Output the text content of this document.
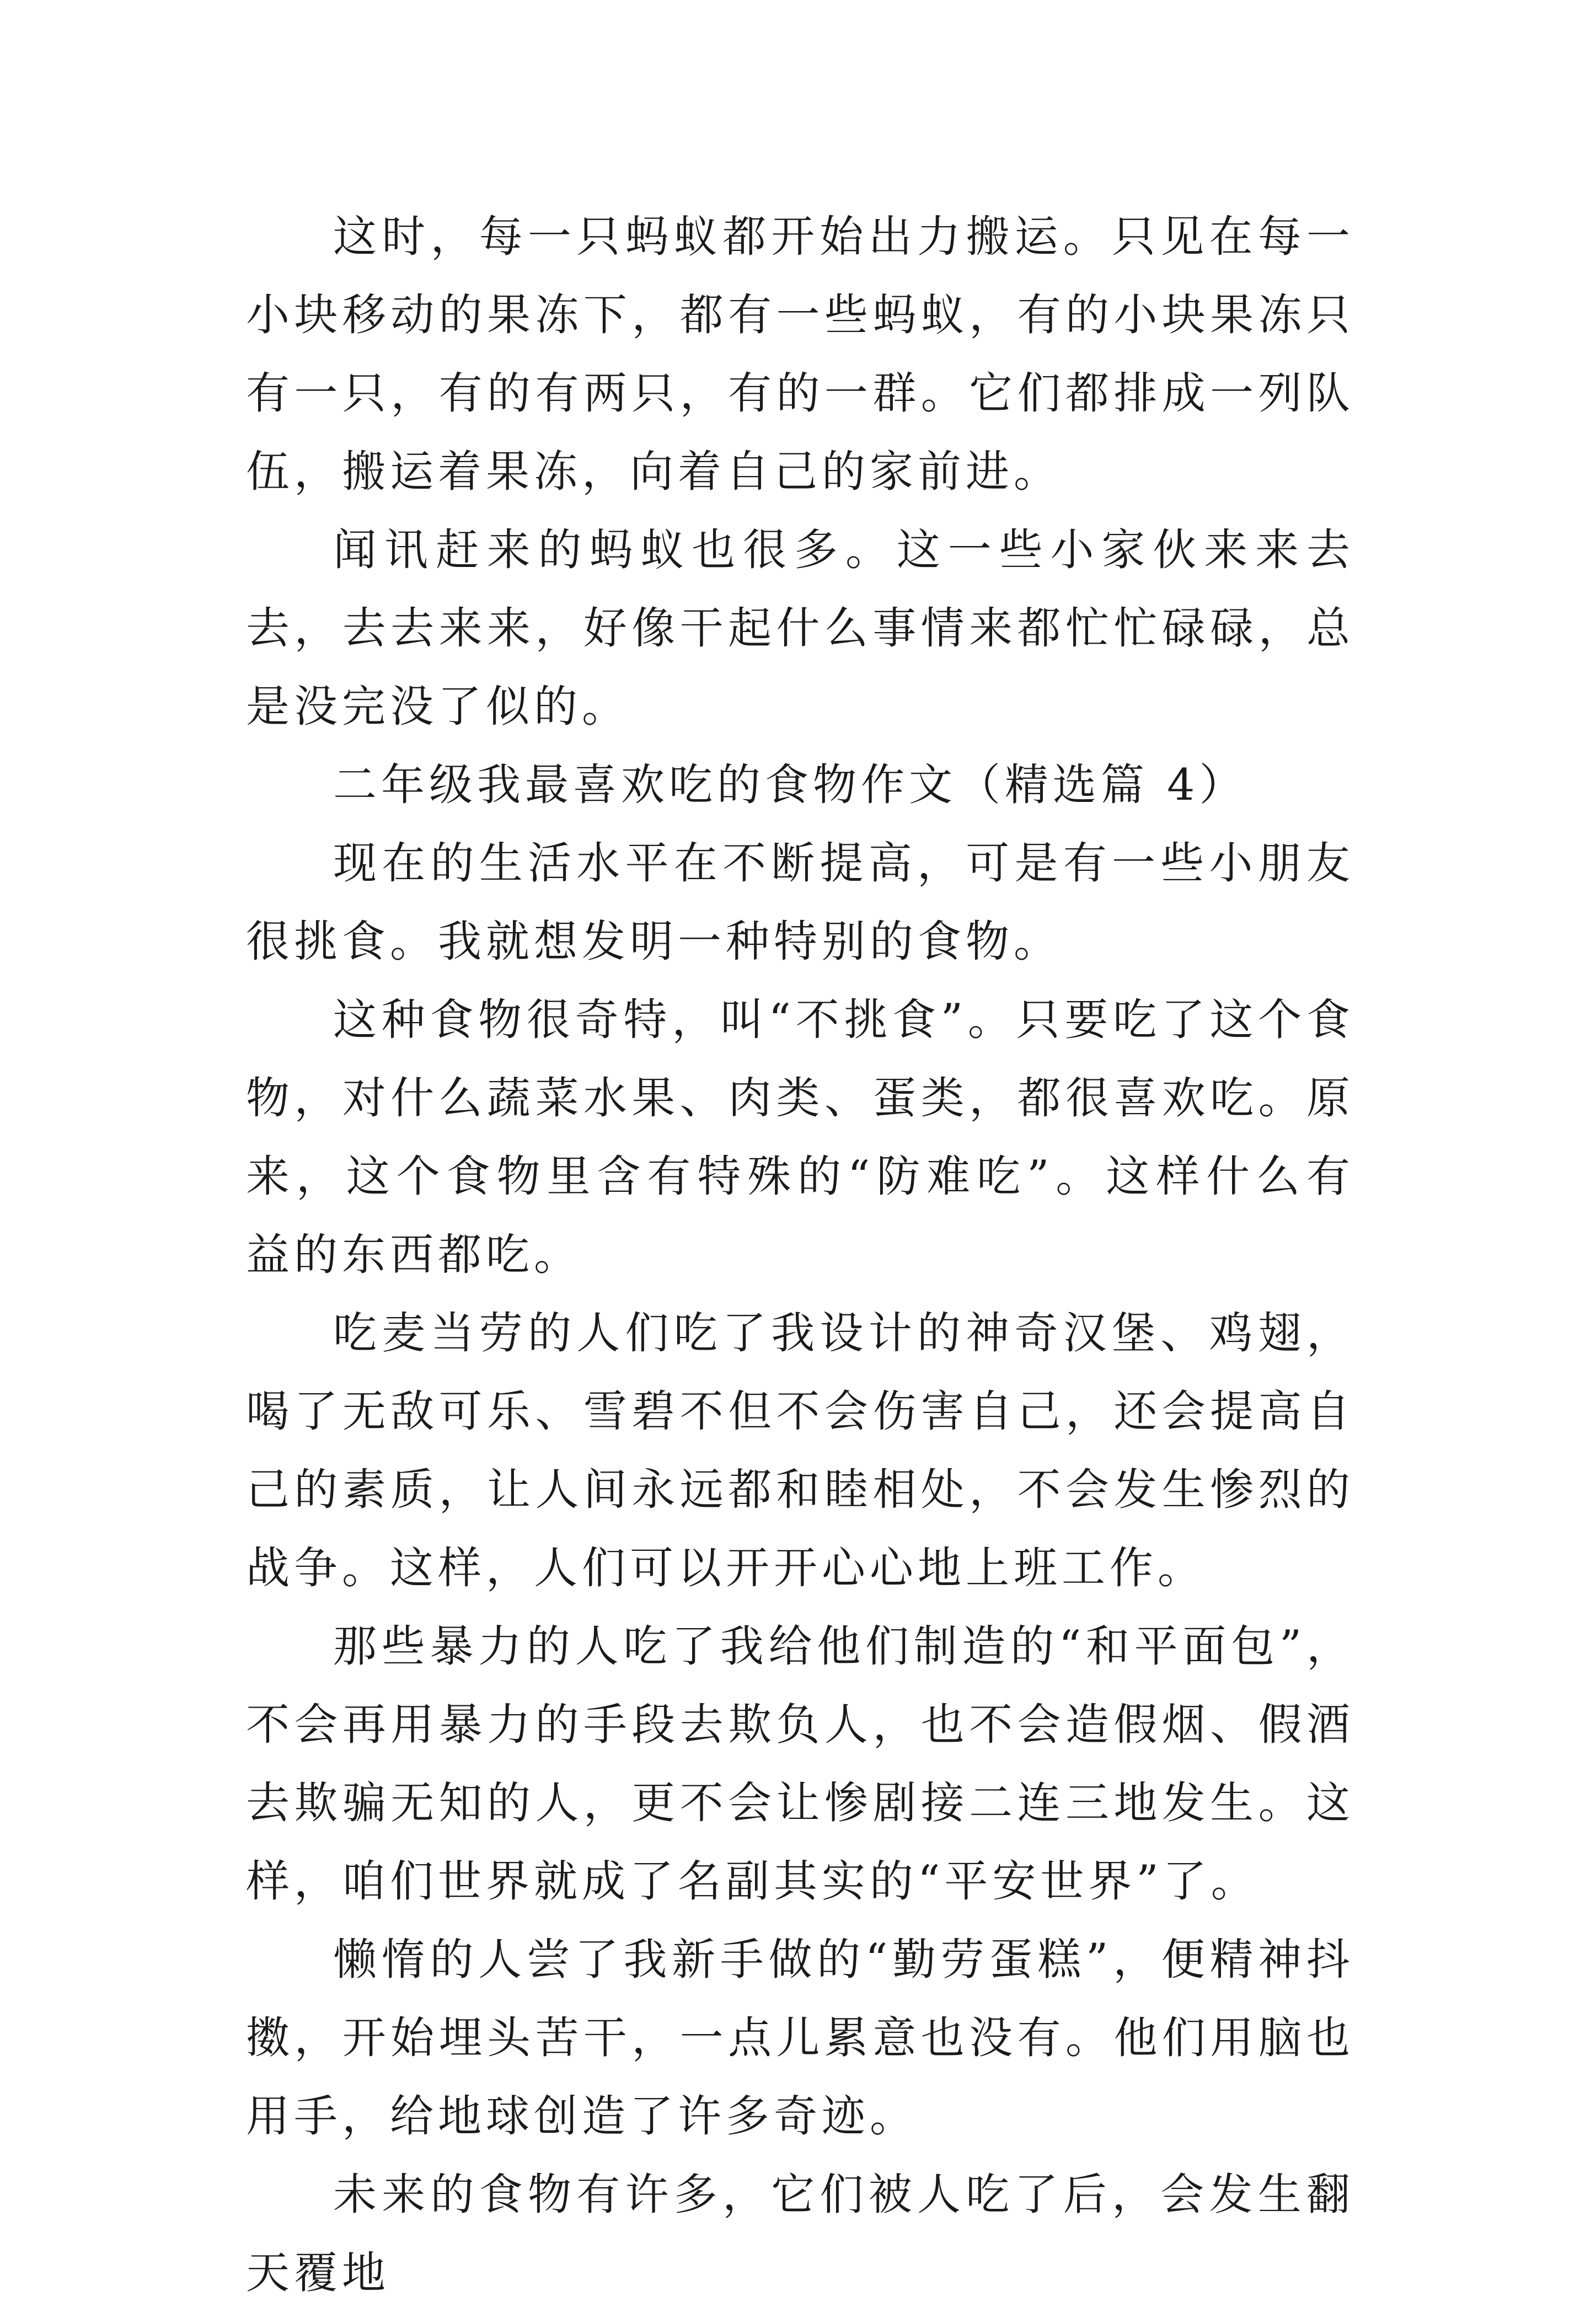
这时，每一只蚂蚁都开始出力搬运。只见在每一小块移动的果冻下，都有一些蚂蚁，有的小块果冻只有一只，有的有两只，有的一群。它们都排成一列队伍，搬运着果冻，向着自己的家前进。

闻讯赶来的蚂蚁也很多。这一些小家伙来来去去，去去来来，好像干起什么事情来都忙忙碌碌，总是没完没了似的。

二年级我最喜欢吃的食物作文（精选篇 4）

现在的生活水平在不断提高，可是有一些小朋友很挑食。我就想发明一种特别的食物。

这种食物很奇特，叫“不挑食”。只要吃了这个食物，对什么蔬菜水果、肉类、蛋类，都很喜欢吃。原来，这个食物里含有特殊的“防难吃”。这样什么有益的东西都吃。

吃麦当劳的人们吃了我设计的神奇汉堡、鸡翅，喝了无敌可乐、雪碧不但不会伤害自己，还会提高自己的素质，让人间永远都和睦相处，不会发生惨烈的战争。这样，人们可以开开心心地上班工作。

那些暴力的人吃了我给他们制造的“和平面包”，不会再用暴力的手段去欺负人，也不会造假烟、假酒去欺骗无知的人，更不会让惨剧接二连三地发生。这样，咱们世界就成了名副其实的“平安世界”了。

懒惰的人尝了我新手做的“勤劳蛋糕”，便精神抖擞，开始埋头苦干，一点儿累意也没有。他们用脑也用手，给地球创造了许多奇迹。

未来的食物有许多，它们被人吃了后，会发生翻天覆地
